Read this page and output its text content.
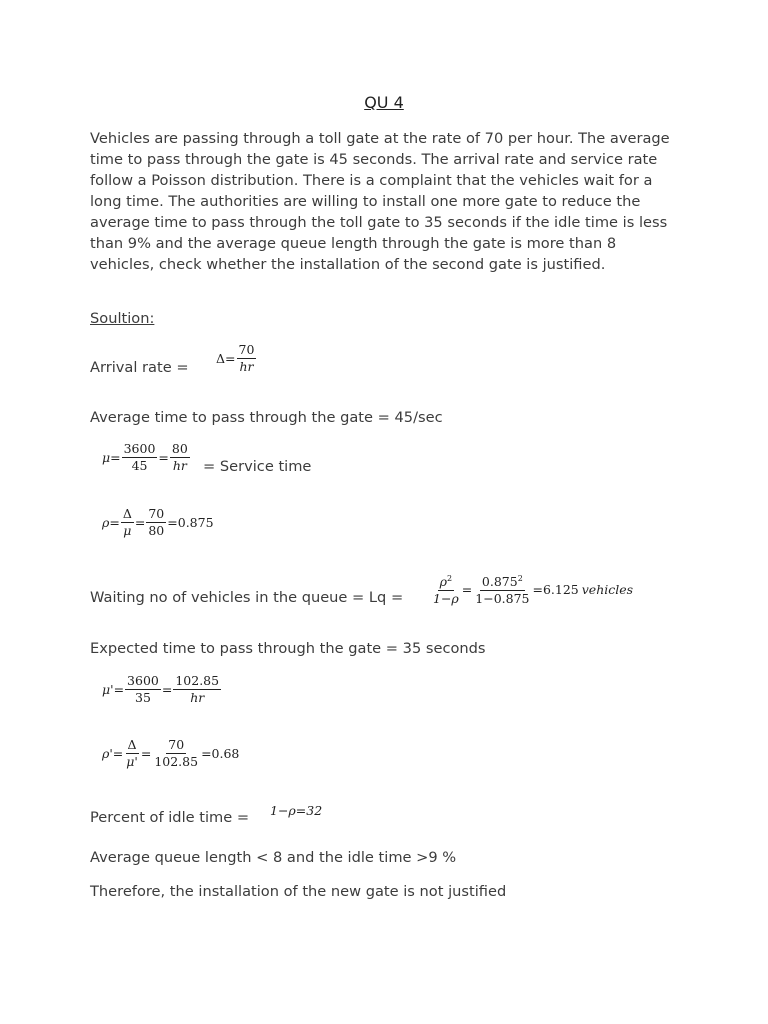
QU 4
Vehicles are passing through a toll gate at the rate of 70 per hour. The average time to pass through the gate is 45 seconds. The arrival rate and service rate follow a Poisson distribution. There is a complaint that the vehicles wait for a long time. The authorities are willing to install one more gate to reduce the average time to pass through the toll gate to 35 seconds if the idle time is less than 9% and the average queue length through the gate is more than 8 vehicles, check whether the installation of the second gate is justified.
Soultion:
Arrival rate =
$\Delta = \frac{70}{hr}$
Average time to pass through the gate = 45/sec
$\mu = \frac{3600}{45} = \frac{80}{hr}$ = Service time
$\rho = \frac{\Delta}{\mu} = \frac{70}{80} =0.875$
Waiting no of vehicles in the queue = $Lq = \frac{\rho^2}{1-\rho} = \frac{0.875^2}{1-0.875} =6.125$ vehicles
Expected time to pass through the gate = 35 seconds
$\mu' = \frac{3600}{35} = \frac{102.85}{hr}$
$\rho' = \frac{\Delta}{\mu'} = \frac{70}{102.85} =0.68$
Percent of idle time = 1−ρ=32
Average queue length < 8 and the idle time >9 %
Therefore, the installation of the new gate is not justified
